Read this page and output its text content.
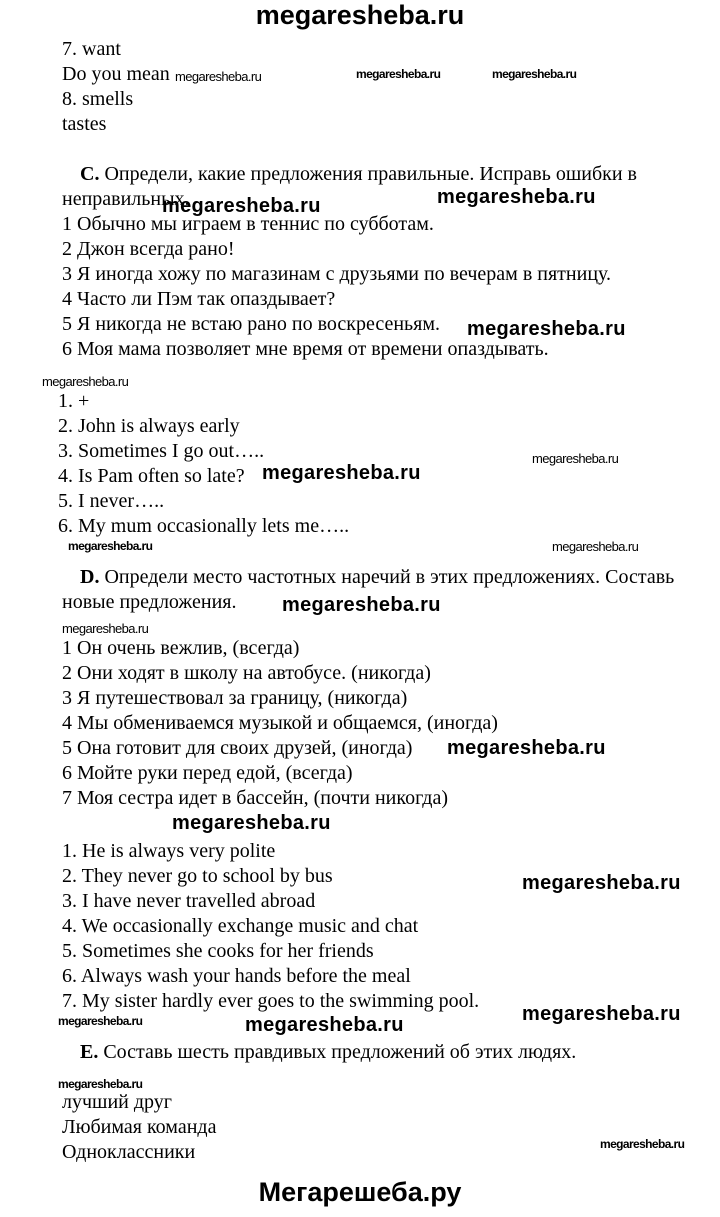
megaresheba.ru
7. want
Do you mean
8. smells
tastes
C. Определи, какие предложения правильные. Исправь ошибки в
неправильных.
1 Обычно мы играем в теннис по субботам.
2 Джон всегда рано!
3 Я иногда хожу по магазинам с друзьями по вечерам в пятницу.
4 Часто ли Пэм так опаздывает?
5 Я никогда не встаю рано по воскресеньям.
6 Моя мама позволяет мне время от времени опаздывать.
1. +
2. John is always early
3. Sometimes I go out…..
4. Is Pam often so late?
5. I never…..
6. My mum occasionally lets me…..
D. Определи место частотных наречий в этих предложениях. Составь
новые предложения.
1 Он очень вежлив, (всегда)
2 Они ходят в школу на автобусе. (никогда)
3 Я путешествовал за границу, (никогда)
4 Мы обмениваемся музыкой и общаемся, (иногда)
5 Она готовит для своих друзей, (иногда)
6 Мойте руки перед едой, (всегда)
7 Моя сестра идет в бассейн, (почти никогда)
1. He is always very polite
2. They never go to school by bus
3. I have never travelled abroad
4. We occasionally exchange music and chat
5. Sometimes she cooks for her friends
6. Always wash your hands before the meal
7. My sister hardly ever goes to the swimming pool.
E. Составь шесть правдивых предложений об этих людях.
лучший друг
Любимая команда
Одноклассники
megaresheba.ru	megaresheba.ru	megaresheba.ru
megaresheba.ru	megaresheba.ru
megaresheba.ru
megaresheba.ru
megaresheba.ru
megaresheba.ru
megaresheba.ru	megaresheba.ru
megaresheba.ru
megaresheba.ru
megaresheba.ru
megaresheba.ru
megaresheba.ru
megaresheba.ru	megaresheba.ru	megaresheba.ru
megaresheba.ru
megaresheba.ru
Мегарешеба.ру
